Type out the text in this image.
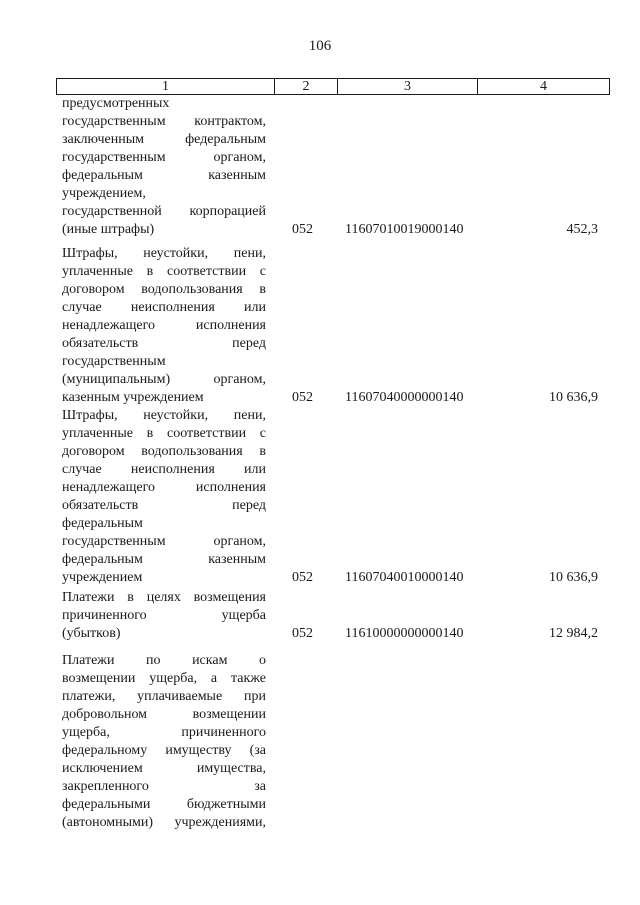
106
1	2	3	4
предусмотренных
государственным контрактом,
заключенным федеральным
государственным органом,
федеральным казенным
учреждением,
государственной корпорацией
(иные штрафы)	052 11607010019000140	452,3
Штрафы, неустойки, пени,
уплаченные в соответствии с
договором водопользования в
случае неисполнения или
ненадлежащего исполнения
обязательств перед
государственным
(муниципальным) органом,
казенным учреждением	052 11607040000000140	10 636,9
Штрафы, неустойки, пени,
уплаченные в соответствии с
договором водопользования в
случае неисполнения или
ненадлежащего исполнения
обязательств перед
федеральным
государственным органом,
федеральным казенным
учреждением	052 11607040010000140	10 636,9
Платежи в целях возмещения
причиненного ущерба
(убытков)	052 11610000000000140	12 984,2
Платежи по искам о
возмещении ущерба, а также
платежи, уплачиваемые при
добровольном возмещении
ущерба, причиненного
федеральному имуществу (за
исключением имущества,
закрепленного за
федеральными бюджетными
(автономными) учреждениями,
